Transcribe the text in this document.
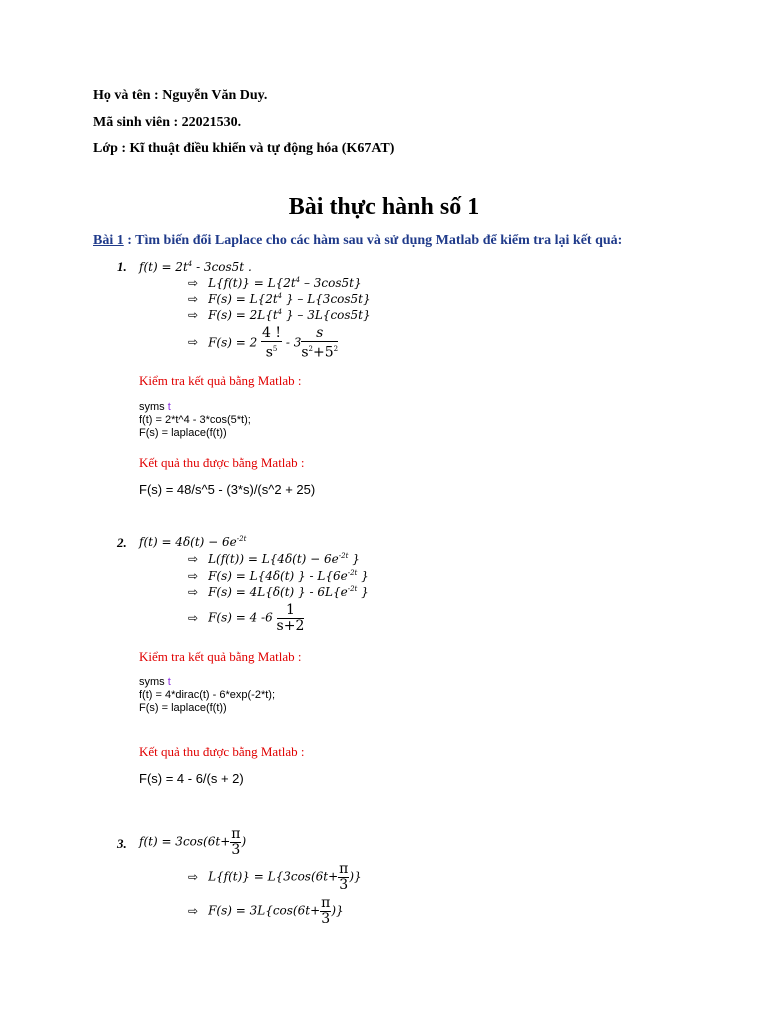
Họ và tên : Nguyễn Văn Duy.
Mã sinh viên : 22021530.
Lớp : Kĩ thuật điều khiển và tự động hóa (K67AT)
Bài thực hành số 1
Bài 1 : Tìm biến đổi Laplace cho các hàm sau và sử dụng Matlab để kiểm tra lại kết quả:
1. $f(t) = 2t^4 - 3\cos 5t$ .
⇨ $L\{f(t)\} = L\{2t^4 - 3\cos 5t\}$
⇨ $F(s) = L\{2t^4$ } – L{3cos5t}
⇨ $F(s) = 2L\{t^4$ } – 3L{cos5t}
⇨ $F(s) = 2 \frac{4 !}{s^5} - 3 \frac{s}{s^2+5^2}$
Kiểm tra kết quả bằng Matlab :
syms t
f(t) = 2*t^4 - 3*cos(5*t);
F(s) = laplace(f(t))
Kết quả thu được bằng Matlab :
F(s) = 48/s^5 - (3*s)/(s^2 + 25)
2. $f(t) = 4\delta(t) - 6e^{-2t}$
⇨ $L(f(t)) = L\{4\delta(t) - 6e^{-2t}$ }
⇨ F(s) = L{4δ(t) } - $L\{6e^{-2t}$ }
⇨ F(s) = 4L{δ(t) } - $6L\{e^{-2t}$ }
⇨ F(s) = 4 $-6 \frac{1}{s+2}$
Kiểm tra kết quả bằng Matlab :
syms t
f(t) = 4*dirac(t) - 6*exp(-2*t);
F(s) = laplace(f(t))
Kết quả thu được bằng Matlab :
F(s) = 4 - 6/(s + 2)
3. $f(t) = 3\cos(6t+ \frac{\pi}{3}$ )
⇨ $L\{f(t)\} = L\{3\cos(6t+ \frac{\pi}{3}$ )}
⇨ $F(s) = 3L\{\cos(6t+ \frac{\pi}{3}$ )}
